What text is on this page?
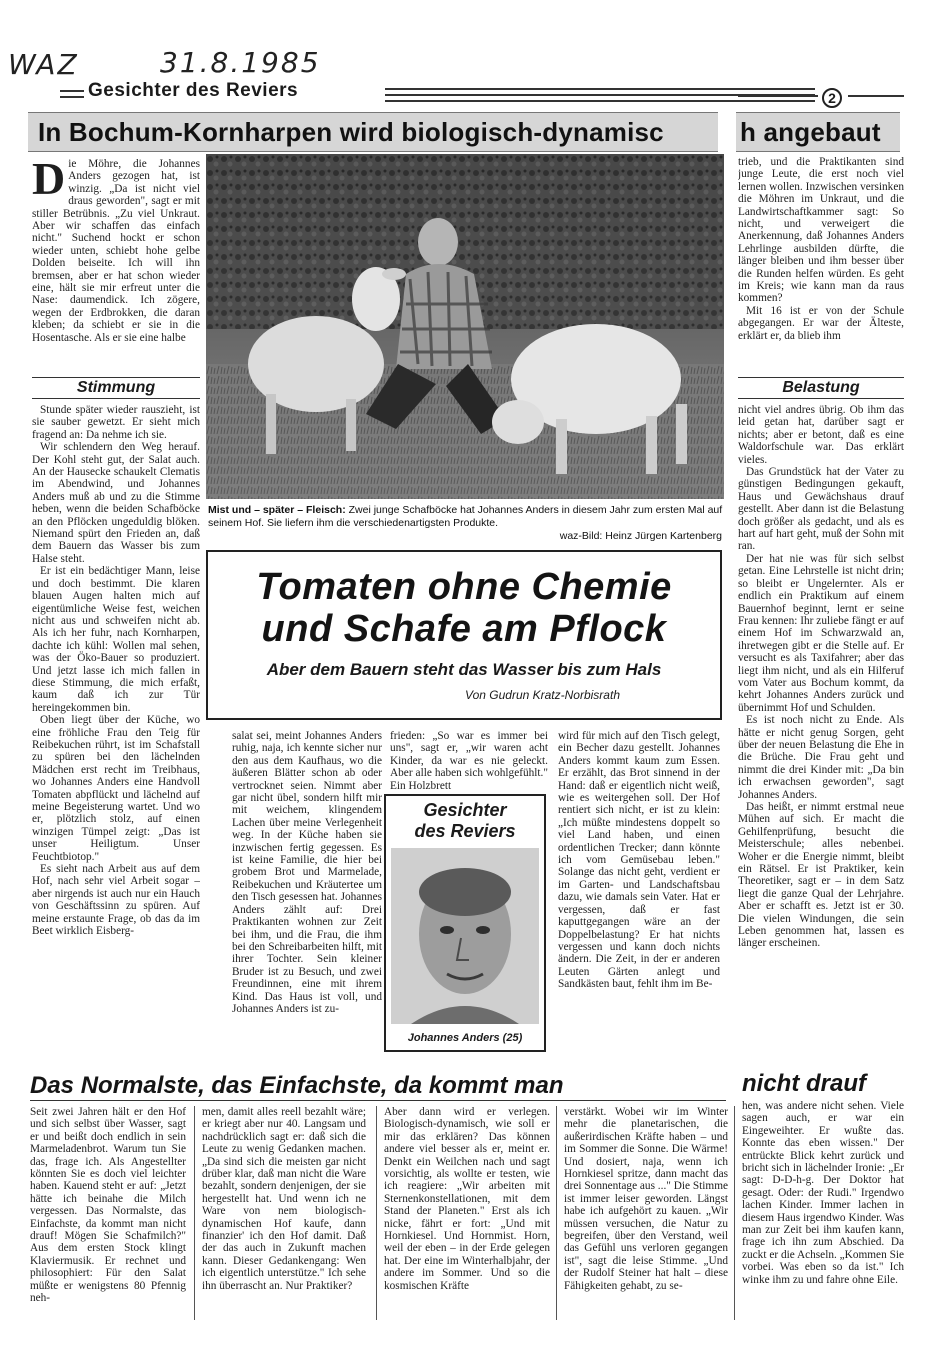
WAZ	31.8.1985
Gesichter des Reviers	2
In Bochum-Kornharpen wird biologisch-dynamisc	h angebaut
D ie Möhre, die Johannes Anders gezogen hat, ist winzig. „Da ist nicht viel draus geworden", sagt er mit stiller Betrübnis. „Zu viel Unkraut. Aber wir schaffen das einfach nicht." Suchend hockt er schon wieder unten, schiebt hohe gelbe Dolden beiseite. Ich will ihn bremsen, aber er hat schon wieder eine, hält sie mir erfreut unter die Nase: daumendick. Ich zögere, wegen der Erdbrokken, die daran kleben; da schiebt er sie in die Hosentasche. Als er sie eine halbe
Stimmung

Stunde später wieder rauszieht, ist sie sauber gewetzt. Er sieht mich fragend an: Da nehme ich sie.

Wir schlendern den Weg herauf. Der Kohl steht gut, der Salat auch. An der Hausecke schaukelt Clematis im Abendwind, und Johannes Anders muß ab und zu die Stimme heben, wenn die beiden Schafböcke an den Pflöcken ungeduldig blöken. Niemand spürt den Frieden an, daß dem Bauern das Wasser bis zum Halse steht.

Er ist ein bedächtiger Mann, leise und doch bestimmt. Die klaren blauen Augen halten mich auf eigentümliche Weise fest, weichen nicht aus und schweifen nicht ab. Als ich her fuhr, nach Kornharpen, dachte ich kühl: Wollen mal sehen, was der Öko-Bauer so produziert. Und jetzt lasse ich mich fallen in diese Stimmung, die mich erfaßt, kaum daß ich zur Tür hereingekommen bin.

Oben liegt über der Küche, wo eine fröhliche Frau den Teig für Reibekuchen rührt, ist im Schafstall zu spüren bei den lächelnden Mädchen erst recht im Treibhaus, wo Johannes Anders eine Handvoll Tomaten abpflückt und lächelnd auf meine Begeisterung wartet. Und wo er, plötzlich stolz, auf einen winzigen Tümpel zeigt: „Das ist unser Heiligtum. Unser Feuchtbiotop."

Es sieht nach Arbeit aus auf dem Hof, nach sehr viel Arbeit sogar – aber nirgends ist auch nur ein Hauch von Geschäftssinn zu spüren. Auf meine erstaunte Frage, ob das da im Beet wirklich Eisberg-

Mist und – später – Fleisch: Zwei junge Schafböcke hat Johannes Anders in diesem Jahr zum ersten Mal auf seinem Hof. Sie liefern ihm die verschiedenartigsten Produkte.
waz-Bild: Heinz Jürgen Kartenberg
Tomaten ohne Chemie
und Schafe am Pflock
Aber dem Bauern steht das Wasser bis zum Hals
Von Gudrun Kratz-Norbisrath
salat sei, meint Johannes Anders ruhig, naja, ich kennte sicher nur den aus dem Kaufhaus, wo die äußeren Blätter schon ab oder vertrocknet seien. Nimmt aber gar nicht übel, sondern hilft mir mit weichem, klingendem Lachen über meine Verlegenheit weg. In der Küche haben sie inzwischen fertig gegessen. Es ist keine Familie, die hier bei grobem Brot und Marmelade, Reibekuchen und Kräutertee um den Tisch gesessen hat. Johannes Anders zählt auf: Drei Praktikanten wohnen zur Zeit bei ihm, und die Frau, die ihm bei den Schreibarbeiten hilft, mit ihrer Tochter. Sein kleiner Bruder ist zu Besuch, und zwei Freundinnen, eine mit ihrem Kind. Das Haus ist voll, und Johannes Anders ist zu-
frieden: „So war es immer bei uns", sagt er, „wir waren acht Kinder, da war es nie geleckt. Aber alle haben sich wohlgefühlt." Ein Holzbrett
Gesichter
des Reviers
Johannes Anders (25)
wird für mich auf den Tisch gelegt, ein Becher dazu gestellt. Johannes Anders kommt kaum zum Essen. Er erzählt, das Brot sinnend in der Hand: daß er eigentlich nicht weiß, wie es weitergehen soll. Der Hof rentiert sich nicht, er ist zu klein: „Ich müßte mindestens doppelt so viel Land haben, und einen ordentlichen Trecker; dann könnte ich vom Gemüsebau leben." Solange das nicht geht, verdient er im Garten- und Landschaftsbau dazu, wie damals sein Vater. Hat er vergessen, daß er fast kaputtgegangen wäre an der Doppelbelastung? Er hat nichts vergessen und kann doch nichts ändern. Die Zeit, in der er anderen Leuten Gärten anlegt und Sandkästen baut, fehlt ihm im Be-

trieb, und die Praktikanten sind junge Leute, die erst noch viel lernen wollen. Inzwischen versinken die Möhren im Unkraut, und die Landwirtschaftkammer sagt: So nicht, und verweigert die Anerkennung, daß Johannes Anders Lehrlinge ausbilden dürfte, die länger bleiben und ihm besser über die Runden helfen würden. Es geht im Kreis; wie kann man da raus kommen?

Mit 16 ist er von der Schule abgegangen. Er war der Älteste, erklärt er, da blieb ihm

Belastung

nicht viel andres übrig. Ob ihm das leid getan hat, darüber sagt er nichts; aber er betont, daß es eine Waldorfschule war. Das erklärt vieles.

Das Grundstück hat der Vater zu günstigen Bedingungen gekauft, Haus und Gewächshaus drauf gestellt. Aber dann ist die Belastung doch größer als gedacht, und als es hart auf hart geht, muß der Sohn mit ran.

Der hat nie was für sich selbst getan. Eine Lehrstelle ist nicht drin; so bleibt er Ungelernter. Als er endlich ein Praktikum auf einem Bauernhof beginnt, lernt er seine Frau kennen: Ihr zuliebe fängt er auf einem Hof im Schwarzwald an, ihretwegen gibt er die Stelle auf. Er versucht es als Taxifahrer; aber das liegt ihm nicht, und als ein Hilferuf vom Vater aus Bochum kommt, da kehrt Johannes Anders zurück und übernimmt Hof und Schulden.

Es ist noch nicht zu Ende. Als hätte er nicht genug Sorgen, geht über der neuen Belastung die Ehe in die Brüche. Die Frau geht und nimmt die drei Kinder mit: „Da bin ich erwachsen geworden", sagt Johannes Anders.

Das heißt, er nimmt erstmal neue Mühen auf sich. Er macht die Gehilfenprüfung, besucht die Meisterschule; alles nebenbei. Woher er die Energie nimmt, bleibt ein Rätsel. Er ist Praktiker, kein Theoretiker, sagt er – in dem Satz liegt die ganze Qual der Lehrjahre. Aber er schafft es. Jetzt ist er 30. Die vielen Windungen, die sein Leben genommen hat, lassen es länger erscheinen.

Das Normalste, das Einfachste, da kommt man	nicht drauf
Seit zwei Jahren hält er den Hof und sich selbst über Wasser, sagt er und beißt doch endlich in sein Marmeladenbrot. Warum tun Sie das, frage ich. Als Angestellter könnten Sie es doch viel leichter haben. Kauend steht er auf: „Jetzt hätte ich beinahe die Milch vergessen. Das Normalste, das Einfachste, da kommt man nicht drauf! Mögen Sie Schafmilch?" Aus dem ersten Stock klingt Klaviermusik. Er rechnet und philosophiert: Für den Salat müßte er wenigstens 80 Pfennig neh-
men, damit alles reell bezahlt wäre; er kriegt aber nur 40. Langsam und nachdrücklich sagt er: daß sich die Leute zu wenig Gedanken machen. „Da sind sich die meisten gar nicht drüber klar, daß man nicht die Ware bezahlt, sondern denjenigen, der sie hergestellt hat. Und wenn ich ne Ware von nem biologisch-dynamischen Hof kaufe, dann finanzier' ich den Hof damit. Daß der das auch in Zukunft machen kann. Dieser Gedankengang: Wen ich eigentlich unterstütze." Ich sehe ihn überrascht an. Nur Praktiker?
Aber dann wird er verlegen. Biologisch-dynamisch, wie soll er mir das erklären? Das können andere viel besser als er, meint er. Denkt ein Weilchen nach und sagt vorsichtig, als wollte er testen, wie ich reagiere: „Wir arbeiten mit Sternenkonstellationen, mit dem Stand der Planeten." Erst als ich nicke, fährt er fort: „Und mit Hornkiesel. Und Hornmist. Horn, weil der eben – in der Erde gelegen hat. Der eine im Winterhalbjahr, der andere im Sommer. Und so die kosmischen Kräfte
verstärkt. Wobei wir im Winter mehr die planetarischen, die außerirdischen Kräfte haben – und im Sommer die Sonne. Die Wärme! Und dosiert, naja, wenn ich Hornkiesel spritze, dann macht das drei Sonnentage aus ..." Die Stimme ist immer leiser geworden. Längst habe ich aufgehört zu kauen. „Wir müssen versuchen, die Natur zu begreifen, über den Verstand, weil das Gefühl uns verloren gegangen ist", sagt die leise Stimme. „Und der Rudolf Steiner hat halt – diese Fähigkeiten gehabt, zu se-
hen, was andere nicht sehen. Viele sagen auch, er war ein Eingeweihter. Er wußte das. Konnte das eben wissen." Der entrückte Blick kehrt zurück und bricht sich in lächelnder Ironie: „Er sagt: D-D-h-g. Der Doktor hat gesagt. Oder: der Rudi." Irgendwo lachen Kinder. Immer lachen in diesem Haus irgendwo Kinder. Was man zur Zeit bei ihm kaufen kann, frage ich ihn zum Abschied. Da zuckt er die Achseln. „Kommen Sie vorbei. Was eben so da ist." Ich winke ihm zu und fahre ohne Eile.
